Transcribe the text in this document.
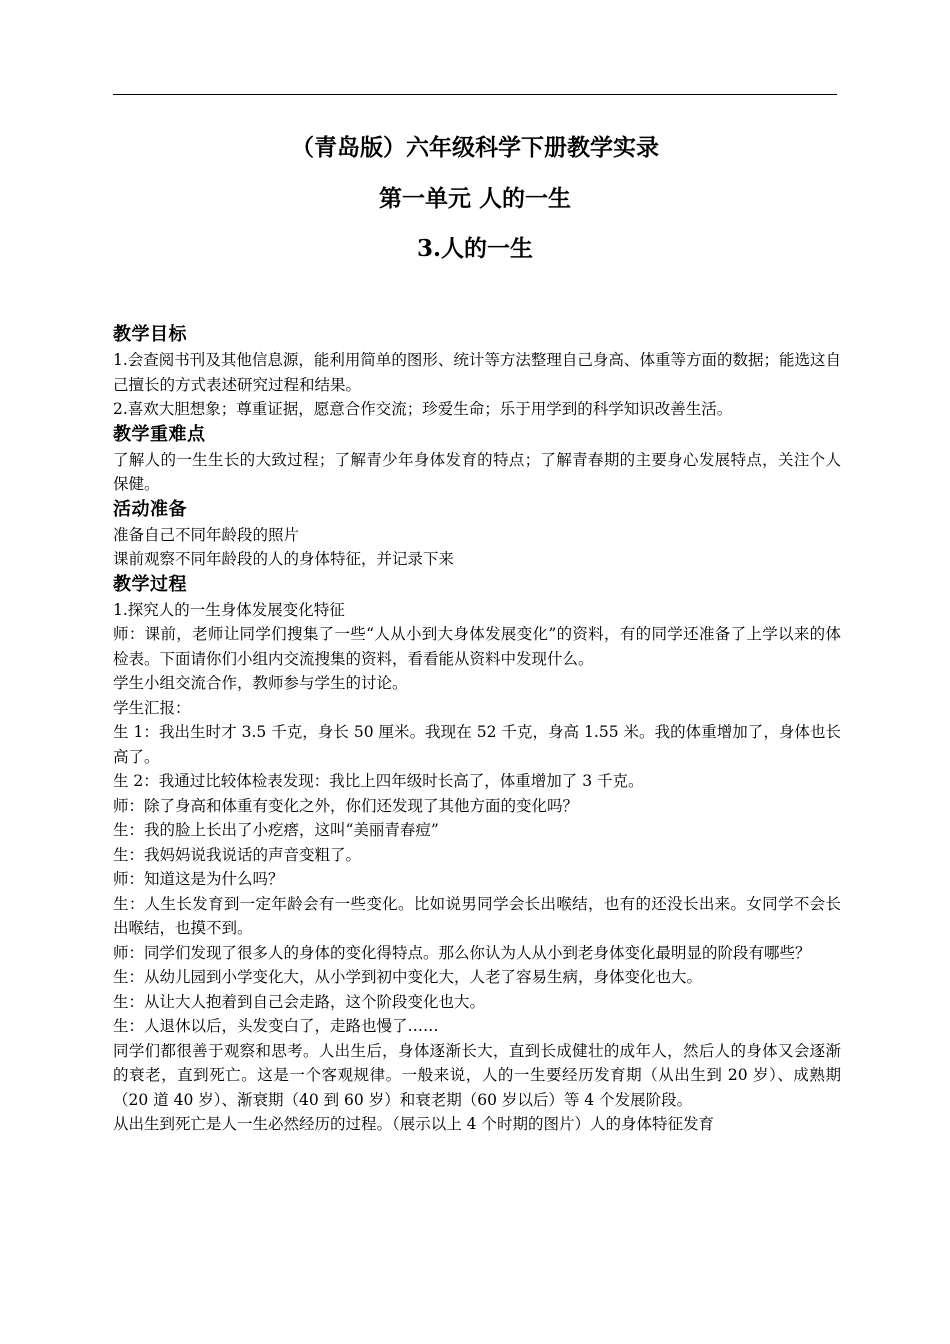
（青岛版）六年级科学下册教学实录
第一单元 人的一生
3.人的一生

教学目标

1.会查阅书刊及其他信息源，能利用简单的图形、统计等方法整理自己身高、体重等方面的数据；能选这自己擅长的方式表述研究过程和结果。

2.喜欢大胆想象；尊重证据，愿意合作交流；珍爱生命；乐于用学到的科学知识改善生活。

教学重难点

了解人的一生生长的大致过程；了解青少年身体发育的特点；了解青春期的主要身心发展特点，关注个人保健。

活动准备

准备自己不同年龄段的照片

课前观察不同年龄段的人的身体特征，并记录下来

教学过程

1.探究人的一生身体发展变化特征

师：课前，老师让同学们搜集了一些“人从小到大身体发展变化”的资料，有的同学还准备了上学以来的体检表。下面请你们小组内交流搜集的资料，看看能从资料中发现什么。

学生小组交流合作，教师参与学生的讨论。

学生汇报：

生 1：我出生时才 3.5 千克，身长 50 厘米。我现在 52 千克，身高 1.55 米。我的体重增加了，身体也长高了。

生 2：我通过比较体检表发现：我比上四年级时长高了，体重增加了 3 千克。

师：除了身高和体重有变化之外，你们还发现了其他方面的变化吗？

生：我的脸上长出了小疙瘩，这叫“美丽青春痘”

生：我妈妈说我说话的声音变粗了。

师：知道这是为什么吗？

生：人生长发育到一定年龄会有一些变化。比如说男同学会长出喉结，也有的还没长出来。女同学不会长出喉结，也摸不到。

师：同学们发现了很多人的身体的变化得特点。那么你认为人从小到老身体变化最明显的阶段有哪些？

生：从幼儿园到小学变化大，从小学到初中变化大，人老了容易生病，身体变化也大。

生：从让大人抱着到自己会走路，这个阶段变化也大。

生：人退休以后，头发变白了，走路也慢了……

同学们都很善于观察和思考。人出生后，身体逐渐长大，直到长成健壮的成年人，然后人的身体又会逐渐的衰老，直到死亡。这是一个客观规律。一般来说，人的一生要经历发育期（从出生到 20 岁）、成熟期（20 道 40 岁）、渐衰期（40 到 60 岁）和衰老期（60 岁以后）等 4 个发展阶段。

从出生到死亡是人一生必然经历的过程。（展示以上 4 个时期的图片）人的身体特征发育
